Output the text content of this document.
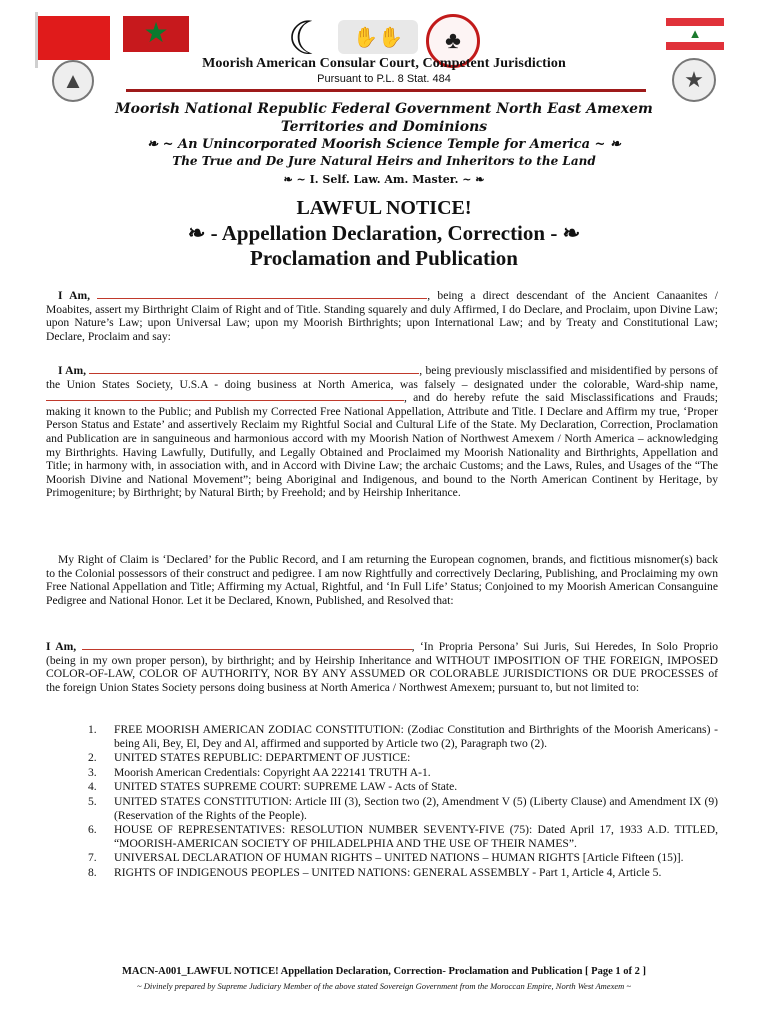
★	▲
▲	★
☾	✋✋	♣
Moorish American Consular Court, Competent Jurisdiction
Pursuant to P.L. 8 Stat. 484
Moorish National Republic Federal Government North East Amexem
Territories and Dominions
❧ ~ An Unincorporated Moorish Science Temple for America ~ ❧
The True and De Jure Natural Heirs and Inheritors to the Land
❧ ~ I. Self. Law. Am. Master. ~ ❧
LAWFUL NOTICE!
❧ - Appellation Declaration, Correction - ❧
Proclamation and Publication
I Am,	, being a direct descendant of the Ancient Canaanites / Moabites, assert my Birthright Claim of Right and of Title. Standing squarely and duly Affirmed, I do Declare, and Proclaim, upon Divine Law; upon Nature’s Law; upon Universal Law; upon my Moorish Birthrights; upon International Law; and by Treaty and Constitutional Law; Declare, Proclaim and say:
I Am,	, being previously misclassified and misidentified by persons of the Union States Society, U.S.A - doing business at North America, was falsely – designated under the colorable, Ward-ship name, , and do hereby refute the said Misclassifications and Frauds; making it known to the Public; and Publish my Corrected Free National Appellation, Attribute and Title. I Declare and Affirm my true, ‘Proper Person Status and Estate’ and assertively Reclaim my Rightful Social and Cultural Life of the State. My Declaration, Correction, Proclamation and Publication are in sanguineous and harmonious accord with my Moorish Nation of Northwest Amexem / North America – acknowledging my Birthrights. Having Lawfully, Dutifully, and Legally Obtained and Proclaimed my Moorish Nationality and Birthrights, Appellation and Title; in harmony with, in association with, and in Accord with Divine Law; the archaic Customs; and the Laws, Rules, and Usages of the “The Moorish Divine and National Movement”; being Aboriginal and Indigenous, and bound to the North American Continent by Heritage, by Primogeniture; by Birthright; by Natural Birth; by Freehold; and by Heirship Inheritance.
My Right of Claim is ‘Declared’ for the Public Record, and I am returning the European cognomen, brands, and fictitious misnomer(s) back to the Colonial possessors of their construct and pedigree. I am now Rightfully and correctively Declaring, Publishing, and Proclaiming my own Free National Appellation and Title; Affirming my Actual, Rightful, and ‘In Full Life’ Status; Conjoined to my Moorish American Consanguine Pedigree and National Honor. Let it be Declared, Known, Published, and Resolved that:
I Am,	, ‘In Propria Persona’ Sui Juris, Sui Heredes, In Solo Proprio (being in my own proper person), by birthright; and by Heirship Inheritance and WITHOUT IMPOSITION OF THE FOREIGN, IMPOSED COLOR-OF-LAW, COLOR OF AUTHORITY, NOR BY ANY ASSUMED OR COLORABLE JURISDICTIONS OR DUE PROCESSES of the foreign Union States Society persons doing business at North America / Northwest Amexem; pursuant to, but not limited to:
1.	FREE MOORISH AMERICAN ZODIAC CONSTITUTION: (Zodiac Constitution and Birthrights of the Moorish Americans) - being Ali, Bey, El, Dey and Al, affirmed and supported by Article two (2), Paragraph two (2).
2.	UNITED STATES REPUBLIC: DEPARTMENT OF JUSTICE:
3.	Moorish American Credentials: Copyright AA 222141 TRUTH A-1.
4.	UNITED STATES SUPREME COURT: SUPREME LAW - Acts of State.
5.	UNITED STATES CONSTITUTION: Article III (3), Section two (2), Amendment V (5) (Liberty Clause) and Amendment IX (9) (Reservation of the Rights of the People).
6.	HOUSE OF REPRESENTATIVES: RESOLUTION NUMBER SEVENTY-FIVE (75): Dated April 17, 1933 A.D. TITLED, “MOORISH-AMERICAN SOCIETY OF PHILADELPHIA AND THE USE OF THEIR NAMES”.
7.	UNIVERSAL DECLARATION OF HUMAN RIGHTS – UNITED NATIONS – HUMAN RIGHTS [Article Fifteen (15)].
8.	RIGHTS OF INDIGENOUS PEOPLES – UNITED NATIONS: GENERAL ASSEMBLY - Part 1, Article 4, Article 5.
MACN-A001_LAWFUL NOTICE! Appellation Declaration, Correction- Proclamation and Publication [ Page 1 of 2 ]
~ Divinely prepared by Supreme Judiciary Member of the above stated Sovereign Government from the Moroccan Empire, North West Amexem ~
